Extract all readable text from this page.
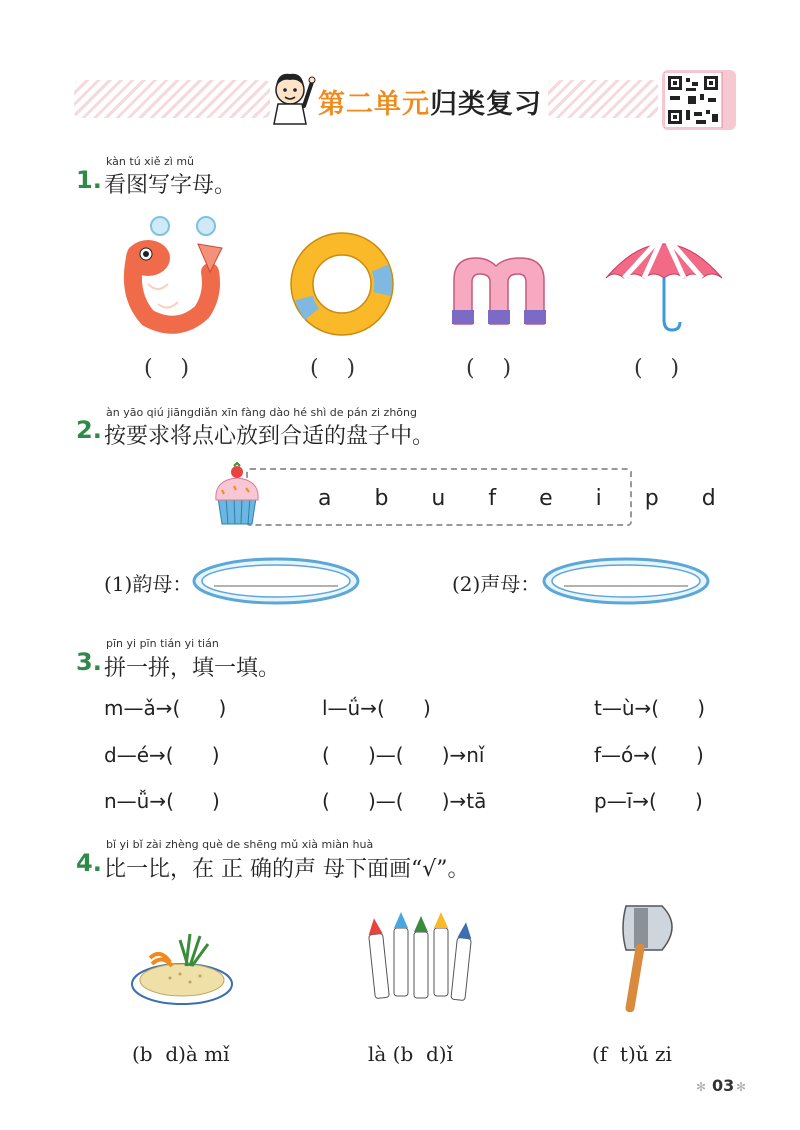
第二单元归类复习
kàn tú xiě zì mǔ
1. 看图写字母。
(    )	(    )	(    )	(    )
àn yāo qiú jiāngdiǎn xīn fàng dào hé shì de pán zi zhōng
2. 按要求将点心放到合适的盘子中。
a b u f e i p d
(1)韵母：	(2)声母：
pīn yi pīn tián yi tián
3. 拼一拼，填一填。
m—ǎ→(      )	l—ǘ→(      )	t—ù→(      )
d—é→(      )	(      )—(      )→nǐ	f—ó→(      )
n—ǚ→(      )	(      )—(      )→tā	p—ī→(      )
bǐ yi bǐ zài zhèng què de shēng mǔ xià miàn huà
4. 比一比，在 正 确的声 母下面画“√”。
(b  d)à mǐ	là (b  d)ǐ	(f  t)ǔ zi
✻ 03 ✻
